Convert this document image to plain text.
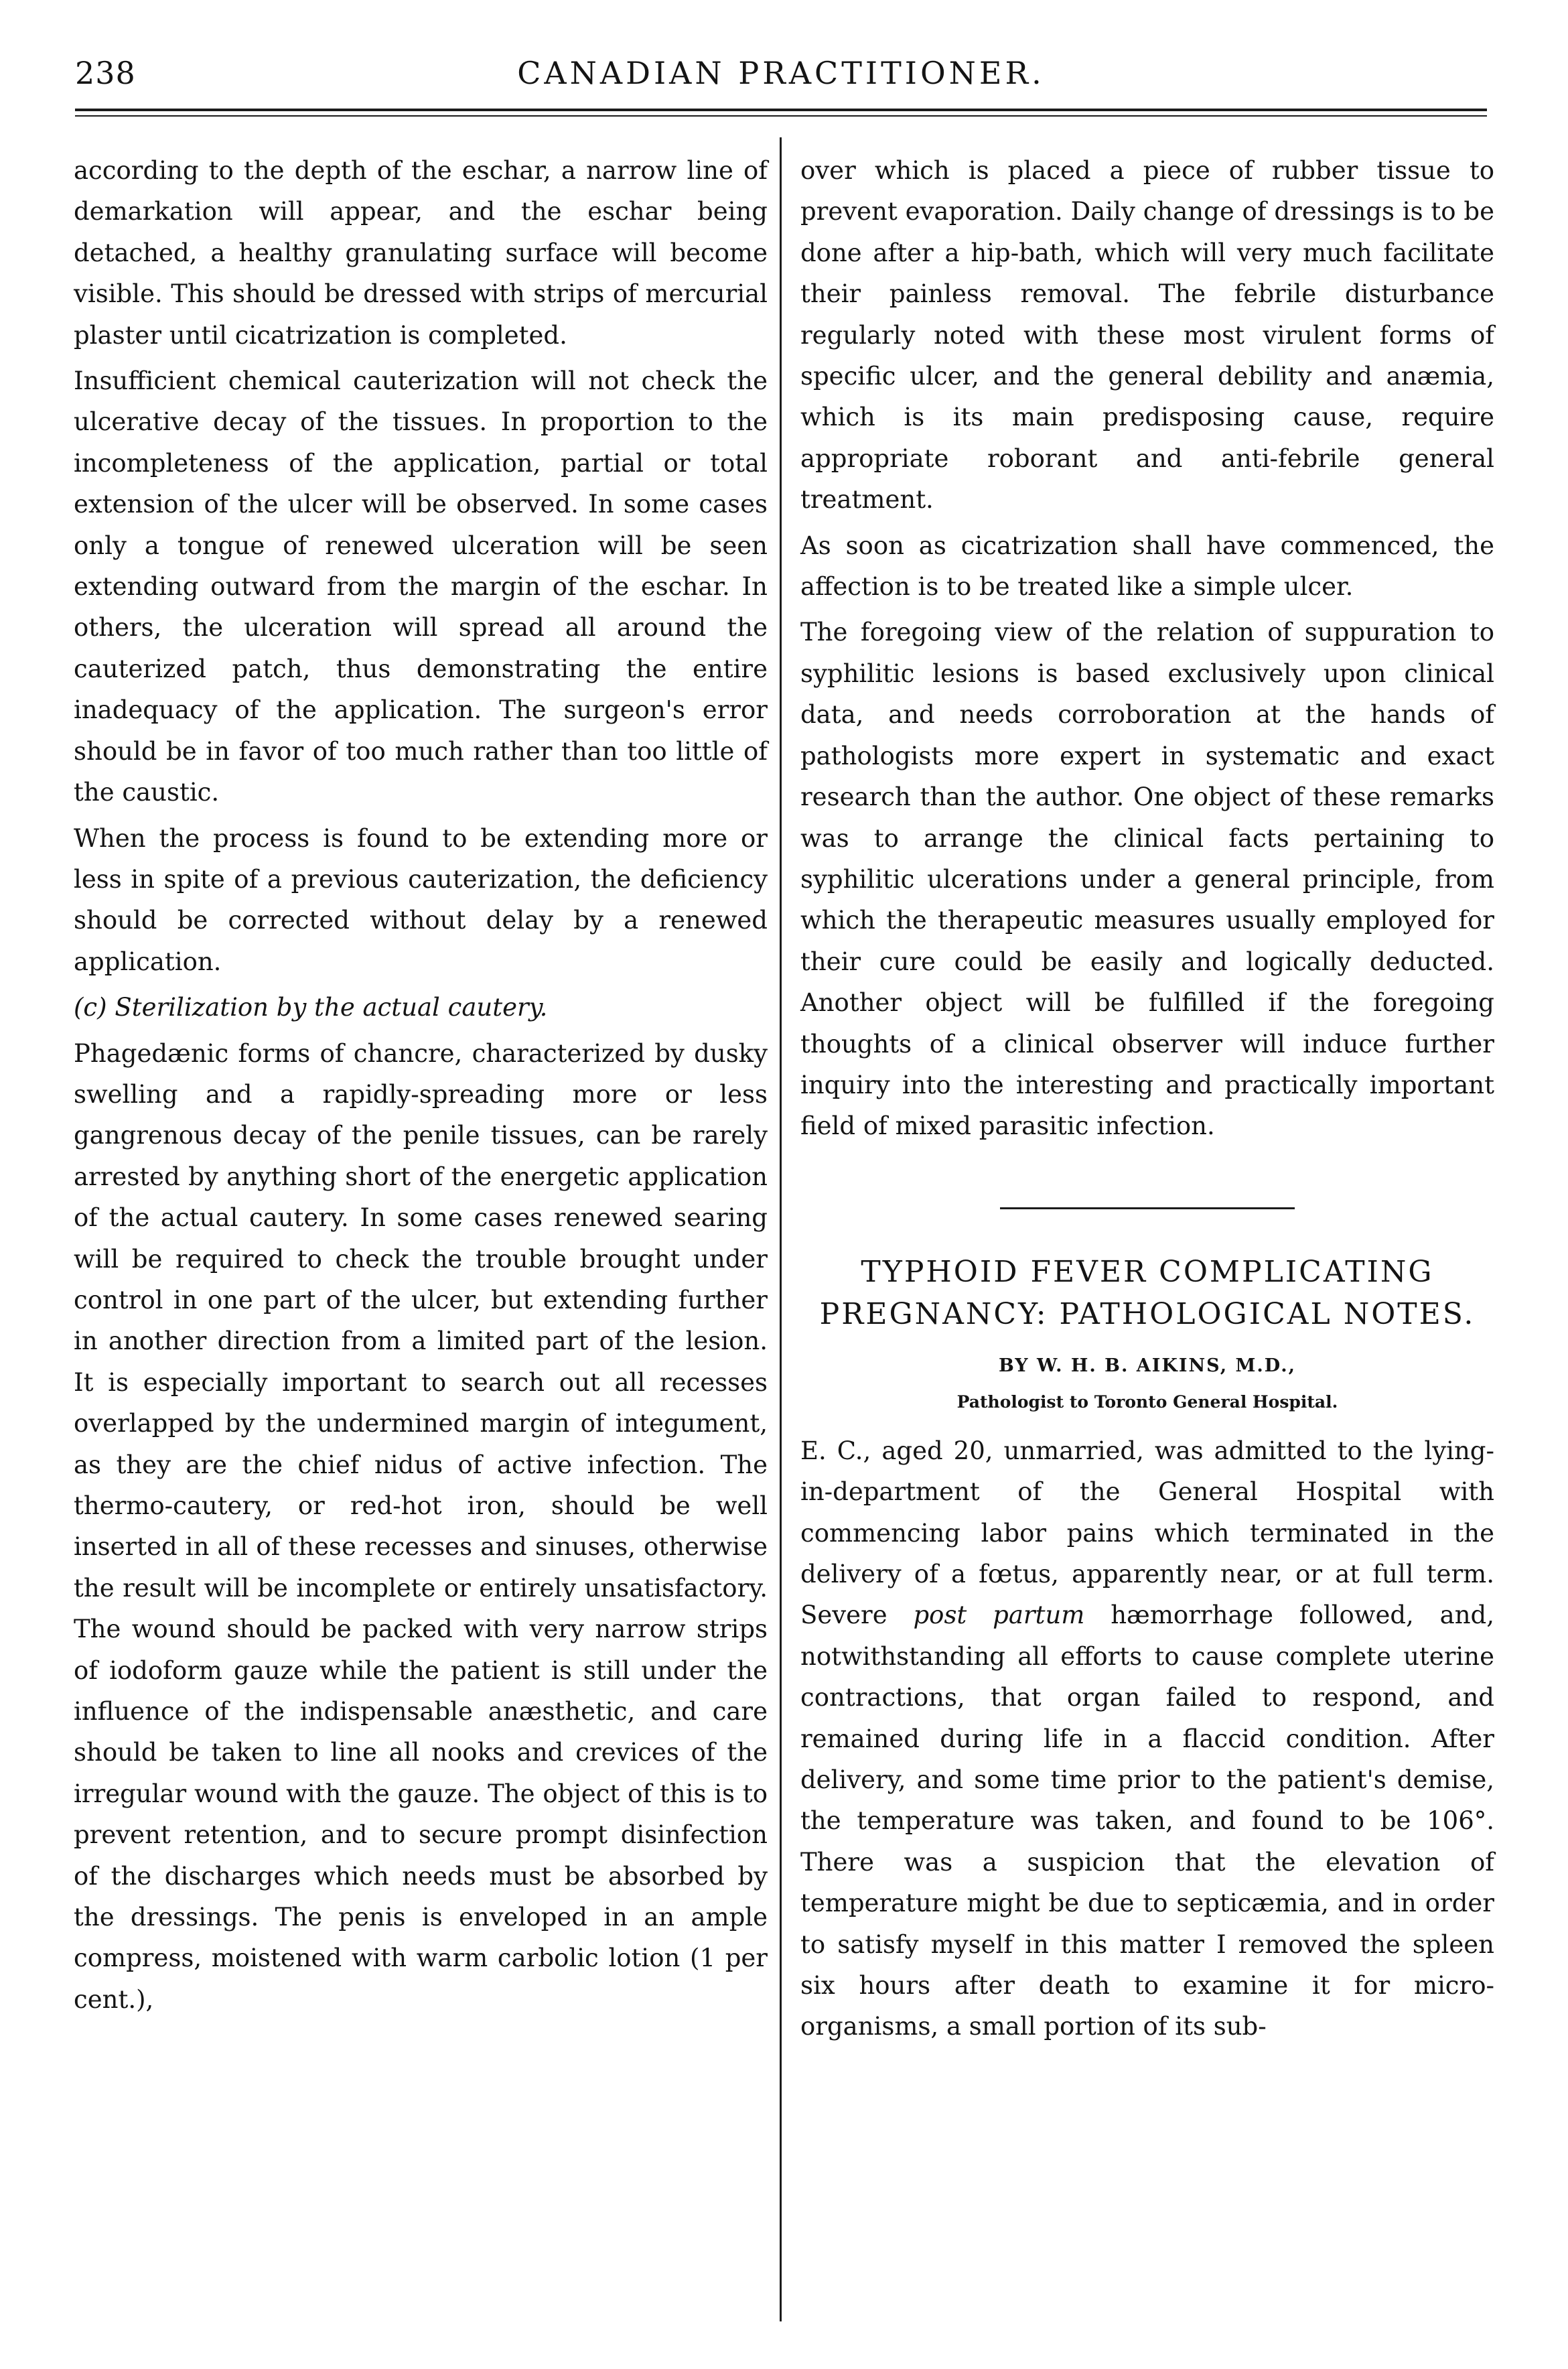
238	CANADIAN PRACTITIONER.

according to the depth of the eschar, a narrow line of demarkation will appear, and the eschar being detached, a healthy granulating surface will become visible. This should be dressed with strips of mercurial plaster until cicatrization is completed.

Insufficient chemical cauterization will not check the ulcerative decay of the tissues. In proportion to the incompleteness of the application, partial or total extension of the ulcer will be observed. In some cases only a tongue of renewed ulceration will be seen extending outward from the margin of the eschar. In others, the ulceration will spread all around the cauterized patch, thus demonstrating the entire inadequacy of the application. The surgeon's error should be in favor of too much rather than too little of the caustic.

When the process is found to be extending more or less in spite of a previous cauterization, the deficiency should be corrected without delay by a renewed application.

(c) Sterilization by the actual cautery.

Phagedænic forms of chancre, characterized by dusky swelling and a rapidly-spreading more or less gangrenous decay of the penile tissues, can be rarely arrested by anything short of the energetic application of the actual cautery. In some cases renewed searing will be required to check the trouble brought under control in one part of the ulcer, but extending further in another direction from a limited part of the lesion. It is especially important to search out all recesses overlapped by the undermined margin of integument, as they are the chief nidus of active infection. The thermo-cautery, or red-hot iron, should be well inserted in all of these recesses and sinuses, otherwise the result will be incomplete or entirely unsatisfactory. The wound should be packed with very narrow strips of iodoform gauze while the patient is still under the influence of the indispensable anæsthetic, and care should be taken to line all nooks and crevices of the irregular wound with the gauze. The object of this is to prevent retention, and to secure prompt disinfection of the discharges which needs must be absorbed by the dressings. The penis is enveloped in an ample compress, moistened with warm carbolic lotion (1 per cent.),

over which is placed a piece of rubber tissue to prevent evaporation. Daily change of dressings is to be done after a hip-bath, which will very much facilitate their painless removal. The febrile disturbance regularly noted with these most virulent forms of specific ulcer, and the general debility and anæmia, which is its main predisposing cause, require appropriate roborant and anti-febrile general treatment.

As soon as cicatrization shall have commenced, the affection is to be treated like a simple ulcer.

The foregoing view of the relation of suppuration to syphilitic lesions is based exclusively upon clinical data, and needs corroboration at the hands of pathologists more expert in systematic and exact research than the author. One object of these remarks was to arrange the clinical facts pertaining to syphilitic ulcerations under a general principle, from which the therapeutic measures usually employed for their cure could be easily and logically deducted. Another object will be fulfilled if the foregoing thoughts of a clinical observer will induce further inquiry into the interesting and practically important field of mixed parasitic infection.

TYPHOID FEVER COMPLICATING PREGNANCY: PATHOLOGICAL NOTES.
BY W. H. B. AIKINS, M.D.,
Pathologist to Toronto General Hospital.

E. C., aged 20, unmarried, was admitted to the lying-in-department of the General Hospital with commencing labor pains which terminated in the delivery of a fœtus, apparently near, or at full term. Severe post partum hæmorrhage followed, and, notwithstanding all efforts to cause complete uterine contractions, that organ failed to respond, and remained during life in a flaccid condition. After delivery, and some time prior to the patient's demise, the temperature was taken, and found to be 106°. There was a suspicion that the elevation of temperature might be due to septicæmia, and in order to satisfy myself in this matter I removed the spleen six hours after death to examine it for micro-organisms, a small portion of its sub-
